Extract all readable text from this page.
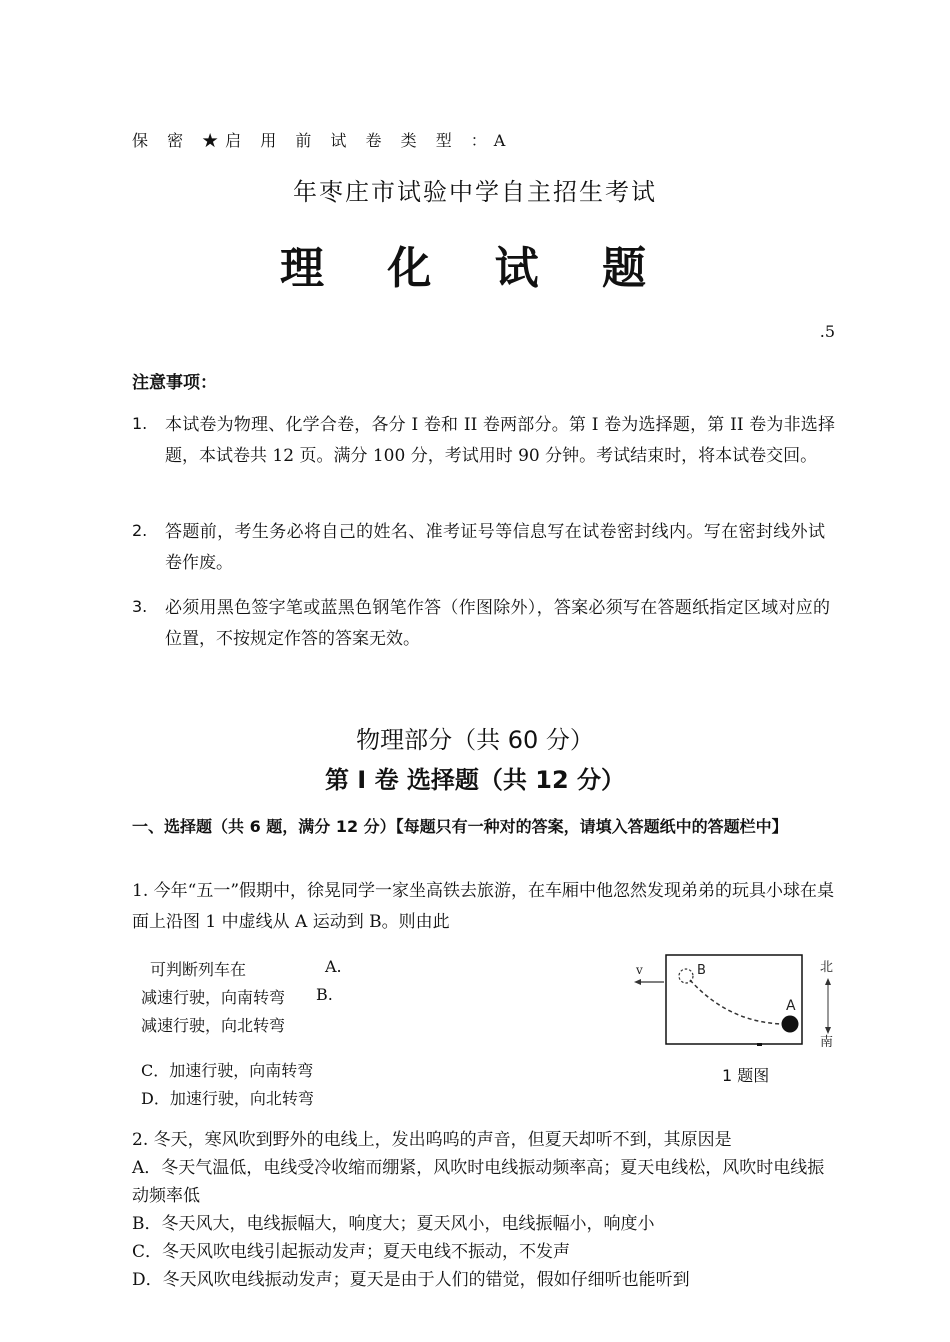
保 密 ★启 用 前 试 卷 类 型 ：A
年枣庄市试验中学自主招生考试
理 化 试 题
.5
注意事项：
1. 本试卷为物理、化学合卷，各分 I 卷和 II 卷两部分。第 I 卷为选择题，第 II 卷为非选择题，本试卷共 12 页。满分 100 分，考试用时 90 分钟。考试结束时，将本试卷交回。
2. 答题前，考生务必将自己的姓名、准考证号等信息写在试卷密封线内。写在密封线外试卷作废。
3. 必须用黑色签字笔或蓝黑色钢笔作答（作图除外），答案必须写在答题纸指定区域对应的位置，不按规定作答的答案无效。
物理部分（共 60 分）
第 I 卷 选择题（共 12 分）
一、选择题（共 6 题，满分 12 分）【每题只有一种对的答案，请填入答题纸中的答题栏中】
1. 今年“五一”假期中，徐晃同学一家坐高铁去旅游，在车厢中他忽然发现弟弟的玩具小球在桌面上沿图 1 中虚线从 A 运动到 B。则由此
可判断列车在	A.
减速行驶，向南转弯 B.
减速行驶，向北转弯
C．加速行驶，向南转弯
D．加速行驶，向北转弯
v	B
A
北
南
1 题图
2. 冬天，寒风吹到野外的电线上，发出呜呜的声音，但夏天却听不到，其原因是
A．冬天气温低，电线受冷收缩而绷紧，风吹时电线振动频率高；夏天电线松，风吹时电线振动频率低
B．冬天风大，电线振幅大，响度大；夏天风小，电线振幅小，响度小
C．冬天风吹电线引起振动发声；夏天电线不振动，不发声
D．冬天风吹电线振动发声；夏天是由于人们的错觉，假如仔细听也能听到
